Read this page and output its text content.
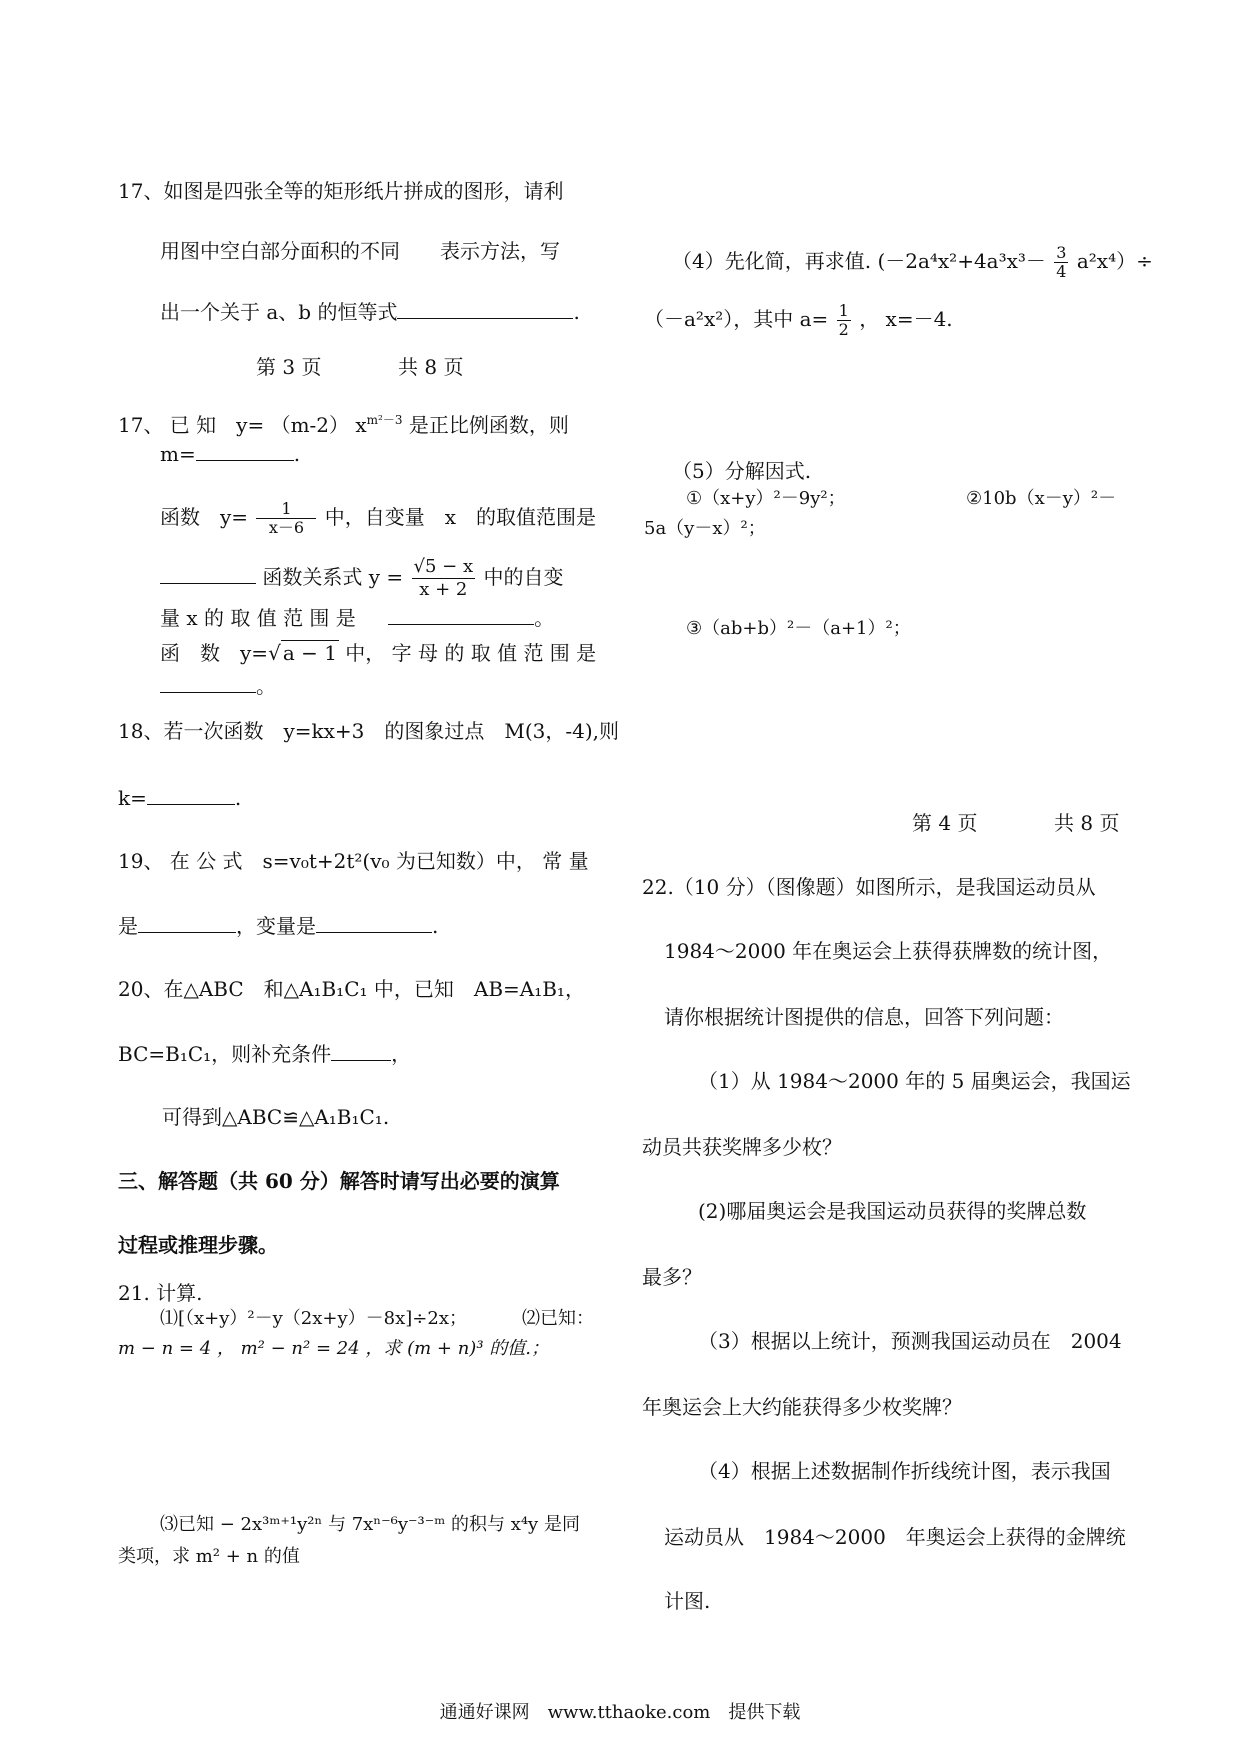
17、如图是四张全等的矩形纸片拼成的图形，请利
用图中空白部分面积的不同　　表示方法，写
出一个关于 a、b 的恒等式	.
第 3 页	共 8 页
17、 已 知　y= （m-2） $x^{m^2-3}$ 是正比例函数，则
m=	.
函数　$y= \frac{1}{x-6}$ 中，自变量　x　的取值范围是
函数关系式 $y = \frac{√5 - x}{x + 2}$ 中的自变
量 x 的 取 值 范 围 是	。
函　数　y=√ a − 1 中， 字 母 的 取 值 范 围 是
。
18、若一次函数　y=kx+3　的图象过点　M(3，-4),则
k=	.
19、 在 公 式　s=v₀t+2t²(v₀ 为已知数）中， 常 量
是	，变量是	.
20、在△ABC　和△A₁B₁C₁ 中，已知　AB=A₁B₁，
BC=B₁C₁，则补充条件	，
可得到△ABC≌△A₁B₁C₁.
三、解答题（共 60 分）解答时请写出必要的演算
过程或推理步骤。
21. 计算.
⑴[（x+y）²－y（2x+y）－8x]÷2x；	⑵已知：
m − n = 4 ， m² − n² = 24 ，求 (m + n)³ 的值.；
⑶已知 − 2x³ᵐ⁺¹y²ⁿ 与 7xⁿ⁻⁶y⁻³⁻ᵐ 的积与 x⁴y 是同
类项，求 m² + n 的值
（4）先化简，再求值. $(-2a^4x^2+4a^3x^3- \frac{3}{4} a^2x^4)\div$
（－a²x²），其中 $a= \frac{1}{2}$ ， x=－4.
（5）分解因式.
①（x+y）²－9y²；	②10b（x－y）²－
5a（y－x）²；
③（ab+b）²－（a+1）²；
第 4 页	共 8 页
22.（10 分）（图像题）如图所示，是我国运动员从
1984～2000 年在奥运会上获得获牌数的统计图，
请你根据统计图提供的信息，回答下列问题：
（1）从 1984～2000 年的 5 届奥运会，我国运
动员共获奖牌多少枚？
(2)哪届奥运会是我国运动员获得的奖牌总数
最多？
（3）根据以上统计，预测我国运动员在　2004
年奥运会上大约能获得多少枚奖牌？
（4）根据上述数据制作折线统计图，表示我国
运动员从　1984～2000　年奥运会上获得的金牌统
计图.
通通好课网　www.tthaoke.com　提供下载
